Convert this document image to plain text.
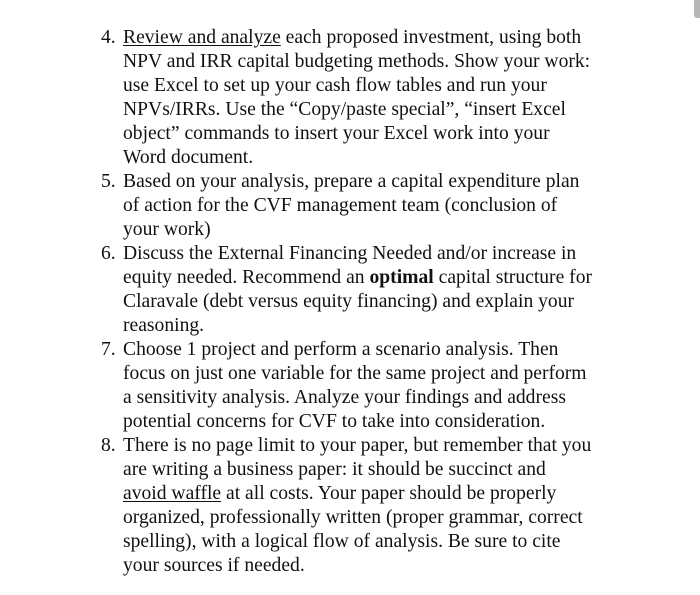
4. Review and analyze each proposed investment, using both
NPV and IRR capital budgeting methods. Show your work:
use Excel to set up your cash flow tables and run your
NPVs/IRRs. Use the “Copy/paste special”, “insert Excel
object” commands to insert your Excel work into your
Word document.
5. Based on your analysis, prepare a capital expenditure plan
of action for the CVF management team (conclusion of
your work)
6. Discuss the External Financing Needed and/or increase in
equity needed. Recommend an optimal capital structure for
Claravale (debt versus equity financing) and explain your
reasoning.
7. Choose 1 project and perform a scenario analysis. Then
focus on just one variable for the same project and perform
a sensitivity analysis. Analyze your findings and address
potential concerns for CVF to take into consideration.
8. There is no page limit to your paper, but remember that you
are writing a business paper: it should be succinct and
avoid waffle at all costs. Your paper should be properly
organized, professionally written (proper grammar, correct
spelling), with a logical flow of analysis. Be sure to cite
your sources if needed.
